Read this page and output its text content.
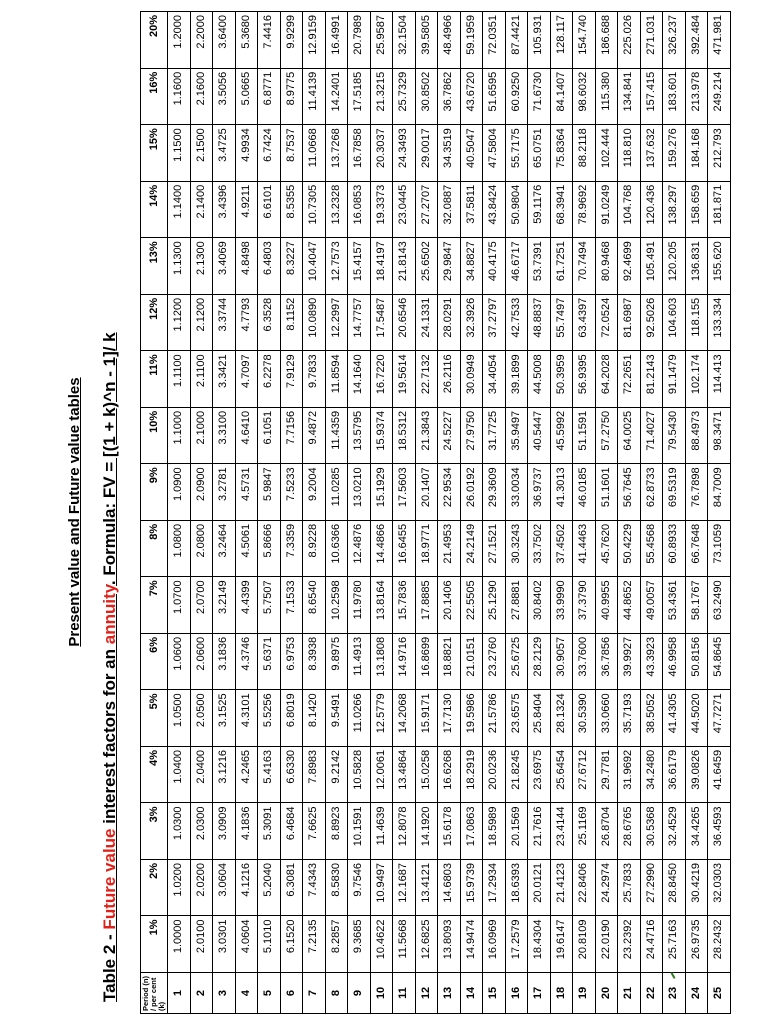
Present value and Future value tables
Table 2 - Future value interest factors for an annuity. Formula: FV = [(1 + k)^n - 1]/ k
Period (n) / per cent (k)	1%	2%	3%	4%	5%	6%	7%	8%	9%	10%	11%	12%	13%	14%	15%	16%	20%
1	1.0000	1.0200	1.0300	1.0400	1.0500	1.0600	1.0700	1.0800	1.0900	1.1000	1.1100	1.1200	1.1300	1.1400	1.1500	1.1600	1.2000
2	2.0100	2.0200	2.0300	2.0400	2.0500	2.0600	2.0700	2.0800	2.0900	2.1000	2.1100	2.1200	2.1300	2.1400	2.1500	2.1600	2.2000
3	3.0301	3.0604	3.0909	3.1216	3.1525	3.1836	3.2149	3.2464	3.2781	3.3100	3.3421	3.3744	3.4069	3.4396	3.4725	3.5056	3.6400
4	4.0604	4.1216	4.1836	4.2465	4.3101	4.3746	4.4399	4.5061	4.5731	4.6410	4.7097	4.7793	4.8498	4.9211	4.9934	5.0665	5.3680
5	5.1010	5.2040	5.3091	5.4163	5.5256	5.6371	5.7507	5.8666	5.9847	6.1051	6.2278	6.3528	6.4803	6.6101	6.7424	6.8771	7.4416
6	6.1520	6.3081	6.4684	6.6330	6.8019	6.9753	7.1533	7.3359	7.5233	7.7156	7.9129	8.1152	8.3227	8.5355	8.7537	8.9775	9.9299
7	7.2135	7.4343	7.6625	7.8983	8.1420	8.3938	8.6540	8.9228	9.2004	9.4872	9.7833	10.0890	10.4047	10.7305	11.0668	11.4139	12.9159
8	8.2857	8.5830	8.8923	9.2142	9.5491	9.8975	10.2598	10.6366	11.0285	11.4359	11.8594	12.2997	12.7573	13.2328	13.7268	14.2401	16.4991
9	9.3685	9.7546	10.1591	10.5828	11.0266	11.4913	11.9780	12.4876	13.0210	13.5795	14.1640	14.7757	15.4157	16.0853	16.7858	17.5185	20.7989
10	10.4622	10.9497	11.4639	12.0061	12.5779	13.1808	13.8164	14.4866	15.1929	15.9374	16.7220	17.5487	18.4197	19.3373	20.3037	21.3215	25.9587
11	11.5668	12.1687	12.8078	13.4864	14.2068	14.9716	15.7836	16.6455	17.5603	18.5312	19.5614	20.6546	21.8143	23.0445	24.3493	25.7329	32.1504
12	12.6825	13.4121	14.1920	15.0258	15.9171	16.8699	17.8885	18.9771	20.1407	21.3843	22.7132	24.1331	25.6502	27.2707	29.0017	30.8502	39.5805
13	13.8093	14.6803	15.6178	16.6268	17.7130	18.8821	20.1406	21.4953	22.9534	24.5227	26.2116	28.0291	29.9847	32.0887	34.3519	36.7862	48.4966
14	14.9474	15.9739	17.0863	18.2919	19.5986	21.0151	22.5505	24.2149	26.0192	27.9750	30.0949	32.3926	34.8827	37.5811	40.5047	43.6720	59.1959
15	16.0969	17.2934	18.5989	20.0236	21.5786	23.2760	25.1290	27.1521	29.3609	31.7725	34.4054	37.2797	40.4175	43.8424	47.5804	51.6595	72.0351
16	17.2579	18.6393	20.1569	21.8245	23.6575	25.6725	27.8881	30.3243	33.0034	35.9497	39.1899	42.7533	46.6717	50.9804	55.7175	60.9250	87.4421
17	18.4304	20.0121	21.7616	23.6975	25.8404	28.2129	30.8402	33.7502	36.9737	40.5447	44.5008	48.8837	53.7391	59.1176	65.0751	71.6730	105.931
18	19.6147	21.4123	23.4144	25.6454	28.1324	30.9057	33.9990	37.4502	41.3013	45.5992	50.3959	55.7497	61.7251	68.3941	75.8364	84.1407	128.117
19	20.8109	22.8406	25.1169	27.6712	30.5390	33.7600	37.3790	41.4463	46.0185	51.1591	56.9395	63.4397	70.7494	78.9692	88.2118	98.6032	154.740
20	22.0190	24.2974	26.8704	29.7781	33.0660	36.7856	40.9955	45.7620	51.1601	57.2750	64.2028	72.0524	80.9468	91.0249	102.444	115.380	186.688
21	23.2392	25.7833	28.6765	31.9692	35.7193	39.9927	44.8652	50.4229	56.7645	64.0025	72.2651	81.6987	92.4699	104.768	118.810	134.841	225.026
22	24.4716	27.2990	30.5368	34.2480	38.5052	43.3923	49.0057	55.4568	62.8733	71.4027	81.2143	92.5026	105.491	120.436	137.632	157.415	271.031
23	25.7163	28.8450	32.4529	36.6179	41.4305	46.9958	53.4361	60.8933	69.5319	79.5430	91.1479	104.603	120.205	138.297	159.276	183.601	326.237
24	26.9735	30.4219	34.4265	39.0826	44.5020	50.8156	58.1767	66.7648	76.7898	88.4973	102.174	118.155	136.831	158.659	184.168	213.978	392.484
25	28.2432	32.0303	36.4593	41.6459	47.7271	54.8645	63.2490	73.1059	84.7009	98.3471	114.413	133.334	155.620	181.871	212.793	249.214	471.981
